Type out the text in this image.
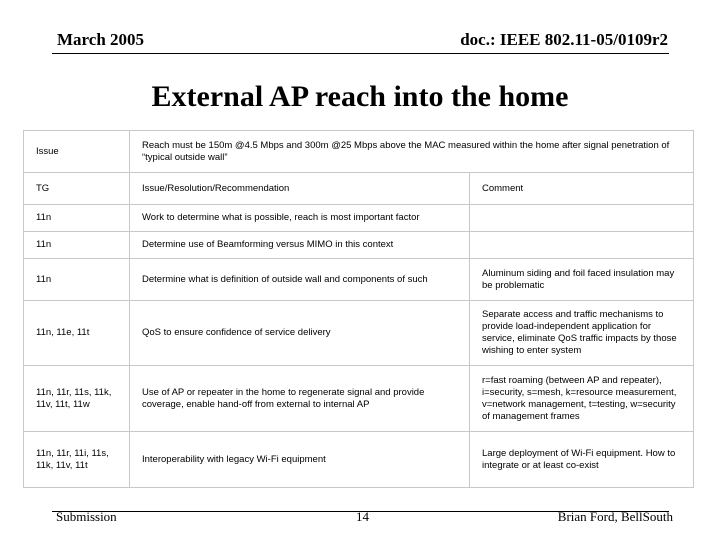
March 2005	doc.: IEEE 802.11-05/0109r2
External AP reach into the home
Issue	Reach must be 150m @4.5 Mbps and 300m @25 Mbps above the MAC measured within the home after signal penetration of “typical outside wall”	
TG	Issue/Resolution/Recommendation	Comment
11n	Work to determine what is possible, reach is most important factor	
11n	Determine use of Beamforming versus MIMO in this context	
11n	Determine what is definition of outside wall and components of such	Aluminum siding and foil faced insulation may be problematic
11n, 11e, 11t	QoS to ensure confidence of service delivery	Separate access and traffic mechanisms to provide load-independent application for service, eliminate QoS traffic impacts by those wishing to enter system
11n, 11r, 11s, 11k, 11v, 11t, 11w	Use of AP or repeater in the home to regenerate signal and provide coverage, enable hand-off from external to internal AP	r=fast roaming (between AP and repeater), i=security, s=mesh, k=resource measurement, v=network management, t=testing, w=security of management frames
11n, 11r, 11i, 11s, 11k, 11v, 11t	Interoperability with legacy Wi-Fi equipment	Large deployment of Wi-Fi equipment. How to integrate or at least co-exist
Submission	14	Brian Ford, BellSouth
